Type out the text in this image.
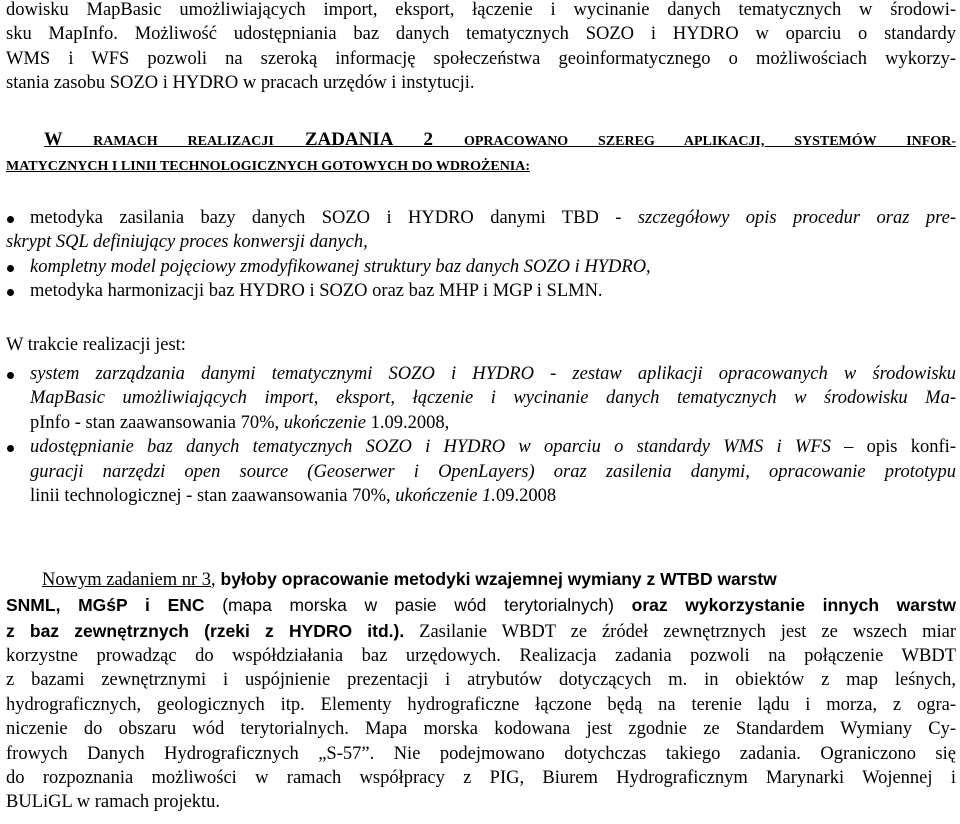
dowisku MapBasic umożliwiających import, eksport, łączenie i wycinanie danych tematycznych w środowi-
sku MapInfo. Możliwość udostępniania baz danych tematycznych SOZO i HYDRO w oparciu o standardy
WMS i WFS pozwoli na szeroką informację społeczeństwa geoinformatycznego o możliwościach wykorzy-
stania zasobu SOZO i HYDRO w pracach urzędów i instytucji.
W RAMACH REALIZACJI ZADANIA 2 OPRACOWANO SZEREG APLIKACJI, SYSTEMÓW INFOR-
MATYCZNYCH I LINII TECHNOLOGICZNYCH GOTOWYCH DO WDROŻENIA:
metodyka zasilania bazy danych SOZO i HYDRO danymi TBD - szczegółowy opis procedur oraz pre-
skrypt SQL definiujący proces konwersji danych,
kompletny model pojęciowy zmodyfikowanej struktury baz danych SOZO i HYDRO,
metodyka harmonizacji baz HYDRO i SOZO oraz baz MHP i MGP i SLMN.
W trakcie realizacji jest:
system zarządzania danymi tematycznymi SOZO i HYDRO - zestaw aplikacji opracowanych w środowisku
MapBasic umożliwiających import, eksport, łączenie i wycinanie danych tematycznych w środowisku Ma-
pInfo - stan zaawansowania 70%, ukończenie 1.09.2008,
udostępnianie baz danych tematycznych SOZO i HYDRO w oparciu o standardy WMS i WFS – opis konfi-
guracji narzędzi open source (Geoserwer i OpenLayers) oraz zasilenia danymi, opracowanie prototypu
linii technologicznej - stan zaawansowania 70%, ukończenie 1.09.2008
Nowym zadaniem nr 3, byłoby opracowanie metodyki wzajemnej wymiany z WTBD warstw
SNML, MGśP i ENC (mapa morska w pasie wód terytorialnych) oraz wykorzystanie innych warstw
z baz zewnętrznych (rzeki z HYDRO itd.). Zasilanie WBDT ze źródeł zewnętrznych jest ze wszech miar
korzystne prowadząc do współdziałania baz urzędowych. Realizacja zadania pozwoli na połączenie WBDT
z bazami zewnętrznymi i uspójnienie prezentacji i atrybutów dotyczących m. in obiektów z map leśnych,
hydrograficznych, geologicznych itp. Elementy hydrograficzne łączone będą na terenie lądu i morza, z ogra-
niczenie do obszaru wód terytorialnych. Mapa morska kodowana jest zgodnie ze Standardem Wymiany Cy-
frowych Danych Hydrograficznych „S-57”. Nie podejmowano dotychczas takiego zadania. Ograniczono się
do rozpoznania możliwości w ramach współpracy z PIG, Biurem Hydrograficznym Marynarki Wojennej i
BULiGL w ramach projektu.
